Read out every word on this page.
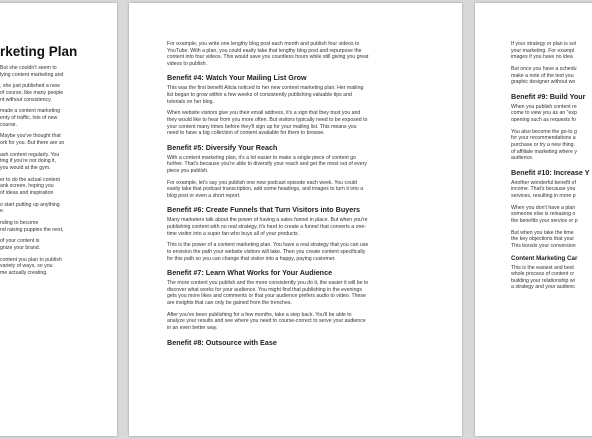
rketing Plan
But she couldn't seem to
lying content marketing and
, she just published a new
of course, like many people
nt without consistency.
made a content marketing
enty of traffic, lots of new
course.
Maybe you've thought that
ork for you. But there are so
ash content regularly. You
ting if you're not doing it,
you would at the gym.
er to do the actual content
ank screen, hoping you
of ideas and inspiration
o start putting up anything
e.
nding to become
nd raising puppies the next,
of your content is
gnize your brand.
content you plan to publish
variety of ways, so you
me actually creating.
For example, you write one lengthy blog post each month and publish four videos to
YouTube. With a plan, you could easily take that lengthy blog post and repurpose the
content into four videos. This would save you countless hours while still giving you great
videos to publish.
Benefit #4: Watch Your Mailing List Grow
This was the first benefit Alicia noticed to her new content marketing plan. Her mailing
list began to grow within a few weeks of consistently publishing valuable tips and
tutorials on her blog.
When website visitors give you their email address, it's a sign that they trust you and
they would like to hear from you more often. But visitors typically need to be exposed to
your content many times before they'll sign up for your mailing list. This means you
need to have a big collection of content available for them to browse.
Benefit #5: Diversify Your Reach
With a content marketing plan, it's a lot easier to make a single piece of content go
further. That's because you're able to diversify your reach and get the most out of every
piece you publish.
For example, let's say you publish one new podcast episode each week. You could
easily take that podcast transcription, add some headings, and images to turn it into a
blog post or even a short report.
Benefit #6: Create Funnels that Turn Visitors into Buyers
Many marketers talk about the power of having a sales funnel in place. But when you're
publishing content with no real strategy, it's hard to create a funnel that converts a one-
time visitor into a super fan who buys all of your products.
This is the power of a content marketing plan. You have a real strategy that you can use
to envision the path your website visitors will take. Then you create content specifically
for this path so you can change that visitor into a happy, paying customer.
Benefit #7: Learn What Works for Your Audience
The more content you publish and the more consistently you do it, the easier it will be to
discover what works for your audience. You might find that publishing in the evenings
gets you more likes and comments or that your audience prefers audio to video. These
are insights that can only be gained from the trenches.
After you've been publishing for a few months, take a step back. You'll be able to
analyze your results and see where you need to course-correct to serve your audience
in an even better way.
Benefit #8: Outsource with Ease
If your strategy or plan is sol
your marketing. For exampl
images if you have no idea
But once you have a schedu
make a note of the text you
graphic designer without wo
Benefit #9: Build Your
When you publish content re
come to view you as an "exp
opening such as requests fo
You also become the go-to g
for your recommendations a
purchase or try a new thing.
of affiliate marketing where y
audience.
Benefit #10: Increase Y
Another wonderful benefit of
income. That's because you
services, resulting in more p
When you don't have a plan
someone else is releasing o
the benefits your service or p
But when you take the time
the key objections that your
This boosts your conversion
Content Marketing Car
This is the easiest and best
whole process of content cr
building your relationship wi
a strategy and your audienc
